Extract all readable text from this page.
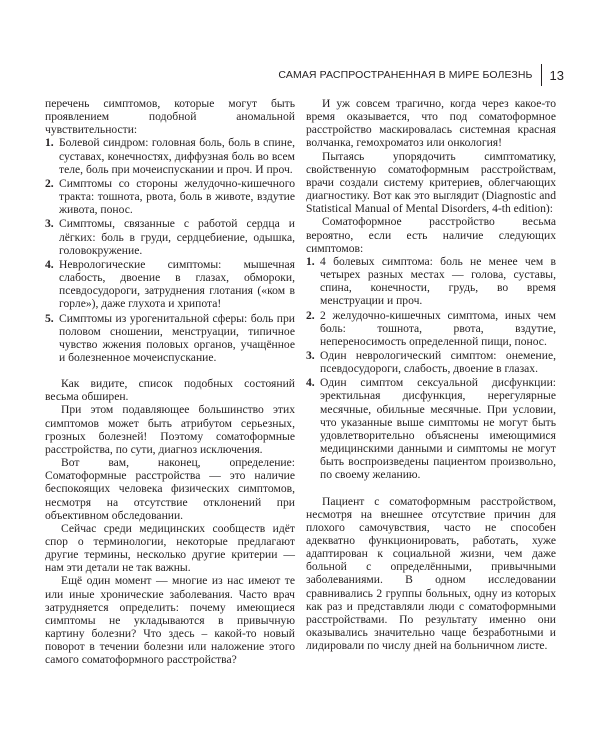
САМАЯ РАСПРОСТРАНЕННАЯ В МИРЕ БОЛЕЗНЬ	13

перечень симптомов, которые могут быть проявлением подобной аномальной чувствительности:

1. Болевой синдром: головная боль, боль в спине, суставах, конечностях, диффузная боль во всем теле, боль при мочеиспускании и проч. И проч.
2. Симптомы со стороны желудочно-кишечного тракта: тошнота, рвота, боль в животе, вздутие живота, понос.
3. Симптомы, связанные с работой сердца и лёгких: боль в груди, сердцебиение, одышка, головокружение.
4. Неврологические симптомы: мышечная слабость, двоение в глазах, обмороки, псевдосудороги, затруднения глотания («ком в горле»), даже глухота и хрипота!
5. Симптомы из урогенитальной сферы: боль при половом сношении, менструации, типичное чувство жжения половых органов, учащённое и болезненное мочеиспускание.

Как видите, список подобных состояний весьма обширен.

При этом подавляющее большинство этих симптомов может быть атрибутом серьезных, грозных болезней! Поэтому соматоформные расстройства, по сути, диагноз исключения.

Вот вам, наконец, определение: Соматоформные расстройства — это наличие беспокоящих человека физических симптомов, несмотря на отсутствие отклонений при объективном обследовании.

Сейчас среди медицинских сообществ идёт спор о терминологии, некоторые предлагают другие термины, несколько другие критерии — нам эти детали не так важны.

Ещё один момент — многие из нас имеют те или иные хронические заболевания. Часто врач затрудняется определить: почему имеющиеся симптомы не укладываются в привычную картину болезни? Что здесь – какой-то новый поворот в течении болезни или наложение этого самого соматоформного расстройства?

И уж совсем трагично, когда через какое-то время оказывается, что под соматоформное расстройство маскировалась системная красная волчанка, гемохроматоз или онкология!

Пытаясь упорядочить симптоматику, свойственную соматоформным расстройствам, врачи создали систему критериев, облегчающих диагностику. Вот как это выглядит (Diagnostic and Statistical Manual of Mental Disorders, 4-th edition):

Соматоформное расстройство весьма вероятно, если есть наличие следующих симптомов:

1. 4 болевых симптома: боль не менее чем в четырех разных местах — голова, суставы, спина, конечности, грудь, во время менструации и проч.
2. 2 желудочно-кишечных симптома, иных чем боль: тошнота, рвота, вздутие, непереносимость определенной пищи, понос.
3. Один неврологический симптом: онемение, псевдосудороги, слабость, двоение в глазах.
4. Один симптом сексуальной дисфункции: эректильная дисфункция, нерегулярные месячные, обильные месячные. При условии, что указанные выше симптомы не могут быть удовлетворительно объяснены имеющимися медицинскими данными и симптомы не могут быть воспроизведены пациентом произвольно, по своему желанию.

Пациент с соматоформным расстройством, несмотря на внешнее отсутствие причин для плохого самочувствия, часто не способен адекватно функционировать, работать, хуже адаптирован к социальной жизни, чем даже больной с определёнными, привычными заболеваниями. В одном исследовании сравнивались 2 группы больных, одну из которых как раз и представляли люди с соматоформными расстройствами. По результату именно они оказывались значительно чаще безработными и лидировали по числу дней на больничном листе.
